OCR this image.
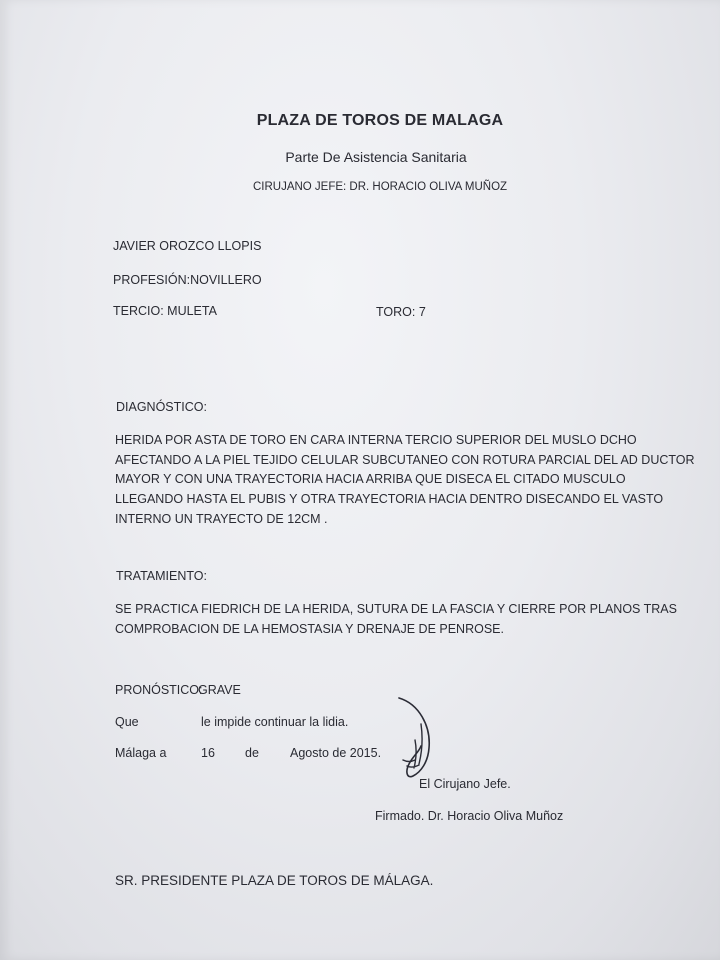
PLAZA DE TOROS DE MALAGA
Parte De Asistencia Sanitaria
CIRUJANO JEFE: DR. HORACIO OLIVA MUÑOZ
JAVIER OROZCO LLOPIS
PROFESIÓN:NOVILLERO
TERCIO: MULETA	TORO: 7
DIAGNÓSTICO:
HERIDA POR ASTA DE TORO EN CARA INTERNA TERCIO SUPERIOR DEL MUSLO DCHO
AFECTANDO A LA PIEL TEJIDO CELULAR SUBCUTANEO CON ROTURA PARCIAL DEL AD DUCTOR
MAYOR Y CON UNA TRAYECTORIA HACIA ARRIBA QUE DISECA EL CITADO MUSCULO
LLEGANDO HASTA EL PUBIS Y OTRA TRAYECTORIA HACIA DENTRO DISECANDO EL VASTO
INTERNO UN TRAYECTO DE 12CM .
TRATAMIENTO:
SE PRACTICA FIEDRICH DE LA HERIDA, SUTURA DE LA FASCIA Y CIERRE POR PLANOS TRAS
COMPROBACION DE LA HEMOSTASIA Y DRENAJE DE PENROSE.
PRONÓSTICO:
GRAVE
Que	le impide continuar la lidia.
Málaga a	16 de Agosto de 2015.
El Cirujano Jefe.
Firmado. Dr. Horacio Oliva Muñoz
SR. PRESIDENTE PLAZA DE TOROS DE MÁLAGA.
